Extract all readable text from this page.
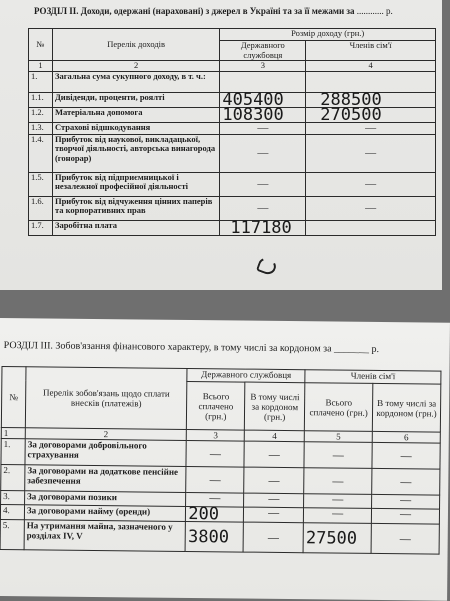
РОЗДІЛ II. Доходи, одержані (нараховані) з джерел в Україні та за її межами за ............ р.
№	Перелік доходів	Розмір доходу (грн.)	
		Державного службовця	Членів сім'ї
1	2	3	4
1.	Загальна сума сукупного доходу, в т. ч.:		
1.1.	Дивіденди, проценти, роялті	405400	288500
1.2.	Матеріальна допомога	108300	270500
1.3.	Страхові відшкодування	—	—
1.4.	Прибуток від наукової, викладацької, творчої діяльності, авторська винагорода (гонорар)	—	—
1.5.	Прибуток від підприємницької і незалежної професійної діяльності	—	—
1.6.	Прибуток від відчуження цінних паперів та корпоративних прав	—	—
1.7.	Заробітна плата	117180	
РОЗДІЛ III. Зобов'язання фінансового характеру, в тому числі за кордоном за _______ р.
№	Перелік зобов'язань щодо сплати внесків (платежів)	Державного службовця		Членів сім'ї	
		Всього сплачено (грн.)	В тому числі за кордоном (грн.)	Всього сплачено (грн.)	В тому числі за кордоном (грн.)
1	2	3	4	5	6
1.	За договорами добровільного страхування	—	—	—	—
2.	За договорами на додаткове пенсійне забезпечення	—	—	—	—
3.	За договорами позики	—	—	—	—
4.	За договорами найму (оренди)	200	—	—	—
5.	На утримання майна, зазначеного у розділах IV, V	3800	—	27500	—
